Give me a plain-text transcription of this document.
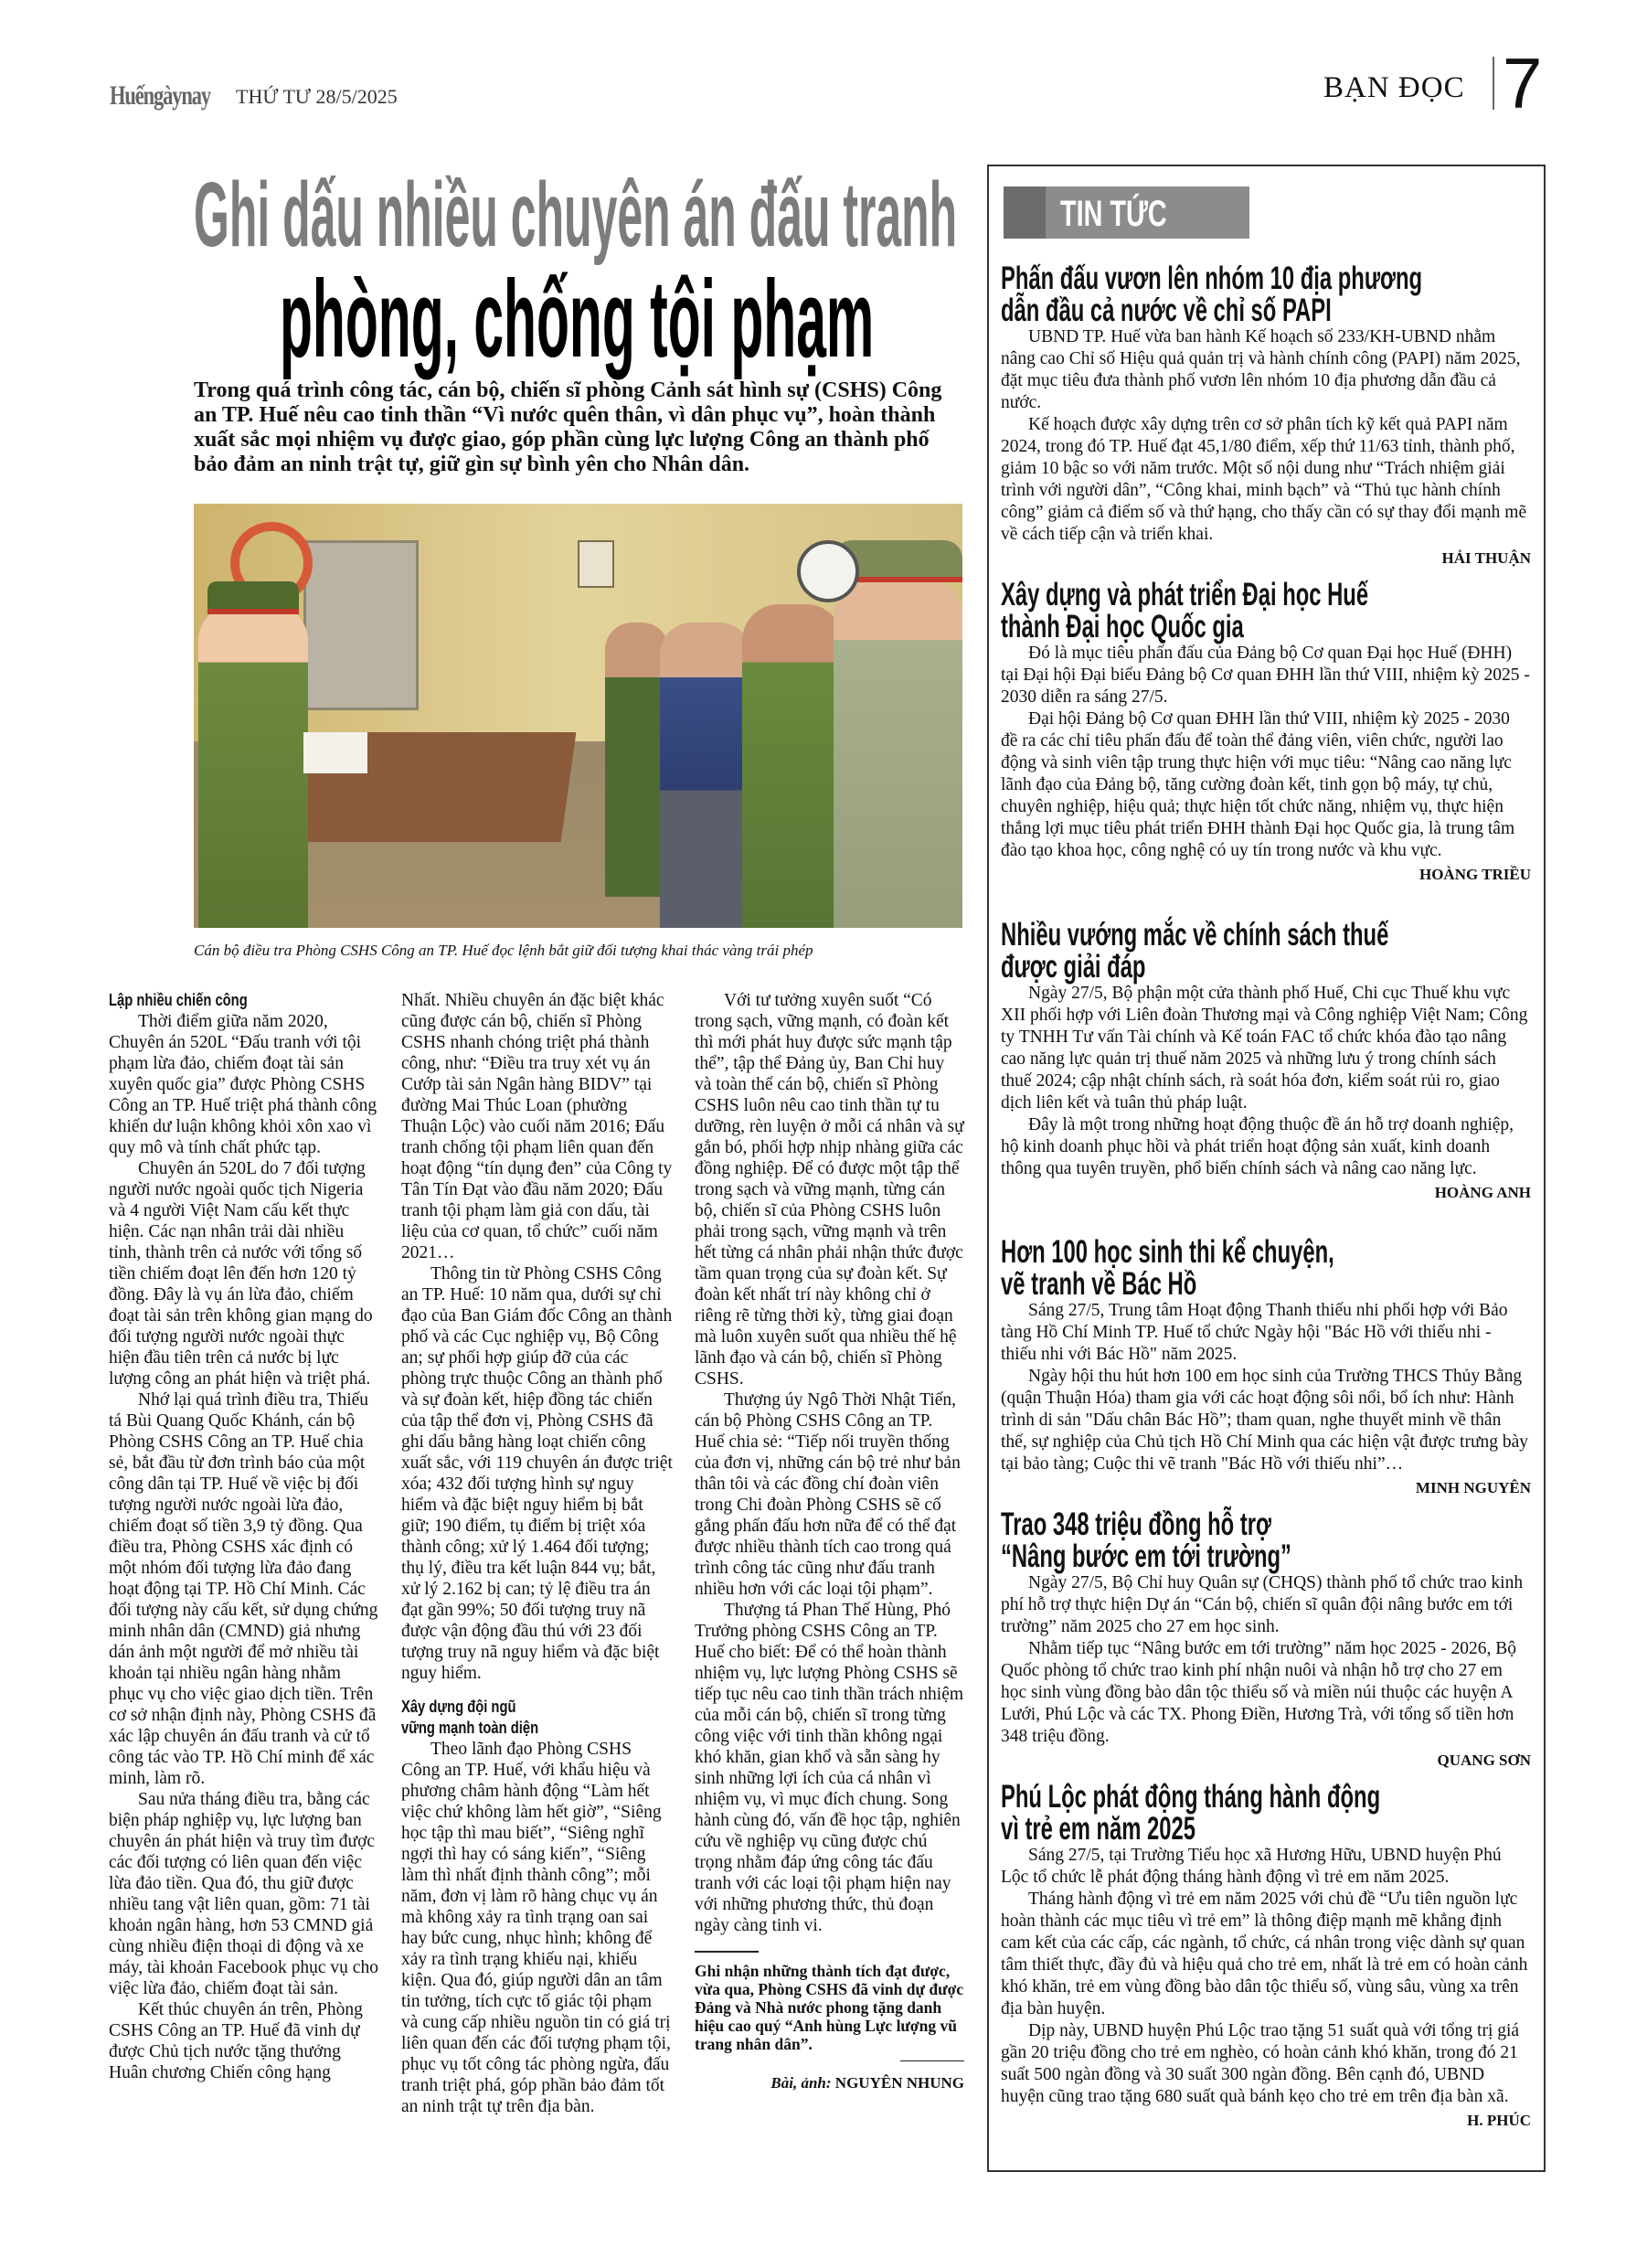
Huếngàynay THỨ TƯ 28/5/2025	BẠN ĐỌC 7
Ghi dấu nhiều chuyên án đấu tranh
phòng, chống tội phạm
Trong quá trình công tác, cán bộ, chiến sĩ phòng Cảnh sát hình sự (CSHS) Công an TP. Huế nêu cao tinh thần “Vì nước quên thân, vì dân phục vụ”, hoàn thành xuất sắc mọi nhiệm vụ được giao, góp phần cùng lực lượng Công an thành phố bảo đảm an ninh trật tự, giữ gìn sự bình yên cho Nhân dân.
Cán bộ điều tra Phòng CSHS Công an TP. Huế đọc lệnh bắt giữ đối tượng khai thác vàng trái phép
Lập nhiều chiến công

Thời điểm giữa năm 2020, Chuyên án 520L “Đấu tranh với tội phạm lừa đảo, chiếm đoạt tài sản xuyên quốc gia” được Phòng CSHS Công an TP. Huế triệt phá thành công khiến dư luận không khỏi xôn xao vì quy mô và tính chất phức tạp.

Chuyên án 520L do 7 đối tượng người nước ngoài quốc tịch Nigeria và 4 người Việt Nam cấu kết thực hiện. Các nạn nhân trải dài nhiều tỉnh, thành trên cả nước với tổng số tiền chiếm đoạt lên đến hơn 120 tỷ đồng. Đây là vụ án lừa đảo, chiếm đoạt tài sản trên không gian mạng do đối tượng người nước ngoài thực hiện đầu tiên trên cả nước bị lực lượng công an phát hiện và triệt phá.

Nhớ lại quá trình điều tra, Thiếu tá Bùi Quang Quốc Khánh, cán bộ Phòng CSHS Công an TP. Huế chia sẻ, bắt đầu từ đơn trình báo của một công dân tại TP. Huế về việc bị đối tượng người nước ngoài lừa đảo, chiếm đoạt số tiền 3,9 tỷ đồng. Qua điều tra, Phòng CSHS xác định có một nhóm đối tượng lừa đảo đang hoạt động tại TP. Hồ Chí Minh. Các đối tượng này cấu kết, sử dụng chứng minh nhân dân (CMND) giả nhưng dán ảnh một người để mở nhiều tài khoản tại nhiều ngân hàng nhằm phục vụ cho việc giao dịch tiền. Trên cơ sở nhận định này, Phòng CSHS đã xác lập chuyên án đấu tranh và cử tổ công tác vào TP. Hồ Chí minh để xác minh, làm rõ.

Sau nửa tháng điều tra, bằng các biện pháp nghiệp vụ, lực lượng ban chuyên án phát hiện và truy tìm được các đối tượng có liên quan đến việc lừa đảo tiền. Qua đó, thu giữ được nhiều tang vật liên quan, gồm: 71 tài khoản ngân hàng, hơn 53 CMND giả cùng nhiều điện thoại di động và xe máy, tài khoản Facebook phục vụ cho việc lừa đảo, chiếm đoạt tài sản.

Kết thúc chuyên án trên, Phòng CSHS Công an TP. Huế đã vinh dự được Chủ tịch nước tặng thưởng Huân chương Chiến công hạng

Nhất. Nhiều chuyên án đặc biệt khác cũng được cán bộ, chiến sĩ Phòng CSHS nhanh chóng triệt phá thành công, như: “Điều tra truy xét vụ án Cướp tài sản Ngân hàng BIDV” tại đường Mai Thúc Loan (phường Thuận Lộc) vào cuối năm 2016; Đấu tranh chống tội phạm liên quan đến hoạt động “tín dụng đen” của Công ty Tân Tín Đạt vào đầu năm 2020; Đấu tranh tội phạm làm giả con dấu, tài liệu của cơ quan, tổ chức” cuối năm 2021…

Thông tin từ Phòng CSHS Công an TP. Huế: 10 năm qua, dưới sự chỉ đạo của Ban Giám đốc Công an thành phố và các Cục nghiệp vụ, Bộ Công an; sự phối hợp giúp đỡ của các phòng trực thuộc Công an thành phố và sự đoàn kết, hiệp đồng tác chiến của tập thể đơn vị, Phòng CSHS đã ghi dấu bằng hàng loạt chiến công xuất sắc, với 119 chuyên án được triệt xóa; 432 đối tượng hình sự nguy hiểm và đặc biệt nguy hiểm bị bắt giữ; 190 điểm, tụ điểm bị triệt xóa thành công; xử lý 1.464 đối tượng; thụ lý, điều tra kết luận 844 vụ; bắt, xử lý 2.162 bị can; tỷ lệ điều tra án đạt gần 99%; 50 đối tượng truy nã được vận động đầu thú với 23 đối tượng truy nã nguy hiểm và đặc biệt nguy hiểm.

Xây dựng đội ngũ
vững mạnh toàn diện

Theo lãnh đạo Phòng CSHS Công an TP. Huế, với khẩu hiệu và phương châm hành động “Làm hết việc chứ không làm hết giờ”, “Siêng học tập thì mau biết”, “Siêng nghĩ ngợi thì hay có sáng kiến”, “Siêng làm thì nhất định thành công”; mỗi năm, đơn vị làm rõ hàng chục vụ án mà không xảy ra tình trạng oan sai hay bức cung, nhục hình; không để xảy ra tình trạng khiếu nại, khiếu kiện. Qua đó, giúp người dân an tâm tin tưởng, tích cực tố giác tội phạm và cung cấp nhiều nguồn tin có giá trị liên quan đến các đối tượng phạm tội, phục vụ tốt công tác phòng ngừa, đấu tranh triệt phá, góp phần bảo đảm tốt an ninh trật tự trên địa bàn.

Với tư tưởng xuyên suốt “Có trong sạch, vững mạnh, có đoàn kết thì mới phát huy được sức mạnh tập thể”, tập thể Đảng ủy, Ban Chỉ huy và toàn thể cán bộ, chiến sĩ Phòng CSHS luôn nêu cao tinh thần tự tu dưỡng, rèn luyện ở mỗi cá nhân và sự gắn bó, phối hợp nhịp nhàng giữa các đồng nghiệp. Để có được một tập thể trong sạch và vững mạnh, từng cán bộ, chiến sĩ của Phòng CSHS luôn phải trong sạch, vững mạnh và trên hết từng cá nhân phải nhận thức được tầm quan trọng của sự đoàn kết. Sự đoàn kết nhất trí này không chỉ ở riêng rẽ từng thời kỳ, từng giai đoạn mà luôn xuyên suốt qua nhiều thế hệ lãnh đạo và cán bộ, chiến sĩ Phòng CSHS.

Thượng úy Ngô Thời Nhật Tiến, cán bộ Phòng CSHS Công an TP. Huế chia sẻ: “Tiếp nối truyền thống của đơn vị, những cán bộ trẻ như bản thân tôi và các đồng chí đoàn viên trong Chi đoàn Phòng CSHS sẽ cố gắng phấn đấu hơn nữa để có thể đạt được nhiều thành tích cao trong quá trình công tác cũng như đấu tranh nhiều hơn với các loại tội phạm”.

Thượng tá Phan Thế Hùng, Phó Trưởng phòng CSHS Công an TP. Huế cho biết: Để có thể hoàn thành nhiệm vụ, lực lượng Phòng CSHS sẽ tiếp tục nêu cao tinh thần trách nhiệm của mỗi cán bộ, chiến sĩ trong từng công việc với tinh thần không ngại khó khăn, gian khổ và sẵn sàng hy sinh những lợi ích của cá nhân vì nhiệm vụ, vì mục đích chung. Song hành cùng đó, vấn đề học tập, nghiên cứu về nghiệp vụ cũng được chú trọng nhằm đáp ứng công tác đấu tranh với các loại tội phạm hiện nay với những phương thức, thủ đoạn ngày càng tinh vi.

Ghi nhận những thành tích đạt được, vừa qua, Phòng CSHS đã vinh dự được Đảng và Nhà nước phong tặng danh hiệu cao quý “Anh hùng Lực lượng vũ trang nhân dân”.
Bài, ảnh: NGUYÊN NHUNG
TIN TỨC
Phấn đấu vươn lên nhóm 10 địa phương
dẫn đầu cả nước về chỉ số PAPI

UBND TP. Huế vừa ban hành Kế hoạch số 233/KH-UBND nhằm nâng cao Chỉ số Hiệu quả quản trị và hành chính công (PAPI) năm 2025, đặt mục tiêu đưa thành phố vươn lên nhóm 10 địa phương dẫn đầu cả nước.

Kế hoạch được xây dựng trên cơ sở phân tích kỹ kết quả PAPI năm 2024, trong đó TP. Huế đạt 45,1/80 điểm, xếp thứ 11/63 tỉnh, thành phố, giảm 10 bậc so với năm trước. Một số nội dung như “Trách nhiệm giải trình với người dân”, “Công khai, minh bạch” và “Thủ tục hành chính công” giảm cả điểm số và thứ hạng, cho thấy cần có sự thay đổi mạnh mẽ về cách tiếp cận và triển khai.

HẢI THUẬN
Xây dựng và phát triển Đại học Huế
thành Đại học Quốc gia

Đó là mục tiêu phấn đấu của Đảng bộ Cơ quan Đại học Huế (ĐHH) tại Đại hội Đại biểu Đảng bộ Cơ quan ĐHH lần thứ VIII, nhiệm kỳ 2025 - 2030 diễn ra sáng 27/5.

Đại hội Đảng bộ Cơ quan ĐHH lần thứ VIII, nhiệm kỳ 2025 - 2030 đề ra các chỉ tiêu phấn đấu để toàn thể đảng viên, viên chức, người lao động và sinh viên tập trung thực hiện với mục tiêu: “Nâng cao năng lực lãnh đạo của Đảng bộ, tăng cường đoàn kết, tinh gọn bộ máy, tự chủ, chuyên nghiệp, hiệu quả; thực hiện tốt chức năng, nhiệm vụ, thực hiện thắng lợi mục tiêu phát triển ĐHH thành Đại học Quốc gia, là trung tâm đào tạo khoa học, công nghệ có uy tín trong nước và khu vực.

HOÀNG TRIỀU
Nhiều vướng mắc về chính sách thuế
được giải đáp

Ngày 27/5, Bộ phận một cửa thành phố Huế, Chi cục Thuế khu vực XII phối hợp với Liên đoàn Thương mại và Công nghiệp Việt Nam; Công ty TNHH Tư vấn Tài chính và Kế toán FAC tổ chức khóa đào tạo nâng cao năng lực quản trị thuế năm 2025 và những lưu ý trong chính sách thuế 2024; cập nhật chính sách, rà soát hóa đơn, kiểm soát rủi ro, giao dịch liên kết và tuân thủ pháp luật.

Đây là một trong những hoạt động thuộc đề án hỗ trợ doanh nghiệp, hộ kinh doanh phục hồi và phát triển hoạt động sản xuất, kinh doanh thông qua tuyên truyền, phổ biến chính sách và nâng cao năng lực.

HOÀNG ANH
Hơn 100 học sinh thi kể chuyện,
vẽ tranh về Bác Hồ

Sáng 27/5, Trung tâm Hoạt động Thanh thiếu nhi phối hợp với Bảo tàng Hồ Chí Minh TP. Huế tổ chức Ngày hội "Bác Hồ với thiếu nhi - thiếu nhi với Bác Hồ" năm 2025.

Ngày hội thu hút hơn 100 em học sinh của Trường THCS Thủy Bằng (quận Thuận Hóa) tham gia với các hoạt động sôi nổi, bổ ích như: Hành trình di sản "Dấu chân Bác Hồ”; tham quan, nghe thuyết minh về thân thế, sự nghiệp của Chủ tịch Hồ Chí Minh qua các hiện vật được trưng bày tại bảo tàng; Cuộc thi vẽ tranh "Bác Hồ với thiếu nhi”…

MINH NGUYÊN
Trao 348 triệu đồng hỗ trợ
“Nâng bước em tới trường”

Ngày 27/5, Bộ Chỉ huy Quân sự (CHQS) thành phố tổ chức trao kinh phí hỗ trợ thực hiện Dự án “Cán bộ, chiến sĩ quân đội nâng bước em tới trường” năm 2025 cho 27 em học sinh.

Nhằm tiếp tục “Nâng bước em tới trường” năm học 2025 - 2026, Bộ Quốc phòng tổ chức trao kinh phí nhận nuôi và nhận hỗ trợ cho 27 em học sinh vùng đồng bào dân tộc thiểu số và miền núi thuộc các huyện A Lưới, Phú Lộc và các TX. Phong Điền, Hương Trà, với tổng số tiền hơn 348 triệu đồng.

QUANG SƠN
Phú Lộc phát động tháng hành động
vì trẻ em năm 2025

Sáng 27/5, tại Trường Tiểu học xã Hương Hữu, UBND huyện Phú Lộc tổ chức lễ phát động tháng hành động vì trẻ em năm 2025.

Tháng hành động vì trẻ em năm 2025 với chủ đề “Ưu tiên nguồn lực hoàn thành các mục tiêu vì trẻ em” là thông điệp mạnh mẽ khẳng định cam kết của các cấp, các ngành, tổ chức, cá nhân trong việc dành sự quan tâm thiết thực, đầy đủ và hiệu quả cho trẻ em, nhất là trẻ em có hoàn cảnh khó khăn, trẻ em vùng đồng bào dân tộc thiểu số, vùng sâu, vùng xa trên địa bàn huyện.

Dịp này, UBND huyện Phú Lộc trao tặng 51 suất quà với tổng trị giá gần 20 triệu đồng cho trẻ em nghèo, có hoàn cảnh khó khăn, trong đó 21 suất 500 ngàn đồng và 30 suất 300 ngàn đồng. Bên cạnh đó, UBND huyện cũng trao tặng 680 suất quà bánh kẹo cho trẻ em trên địa bàn xã.

H. PHÚC
